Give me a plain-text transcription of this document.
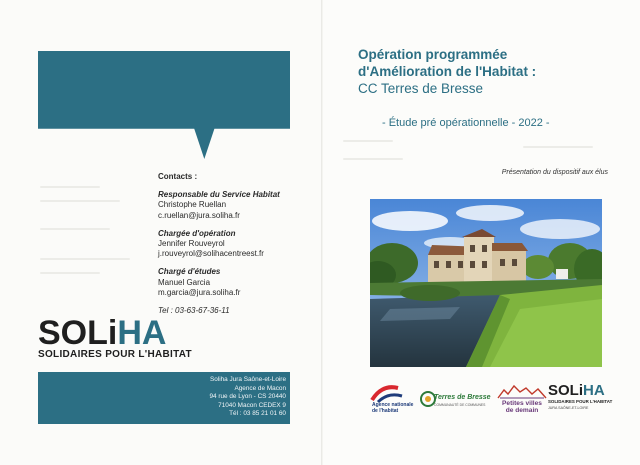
Contacts :
Responsable du Service Habitat
Christophe Ruellan
c.ruellan@jura.soliha.fr
Chargée d'opération
Jennifer Rouveyrol
j.rouveyrol@solihacentreest.fr
Chargé d'études
Manuel Garcia
m.garcia@jura.soliha.fr
Tel : 03-63-67-36-11
SOLiHA
SOLIDAIRES POUR L'HABITAT
Soliha Jura Saône-et-Loire
Agence de Macon
94 rue de Lyon - CS 20440
71040 Macon CEDEX 9
Tél : 03 85 21 01 60
Opération programmée
d'Amélioration de l'Habitat :
CC Terres de Bresse
- Étude pré opérationnelle - 2022 -
Présentation du dispositif aux élus
Agence nationale de l'habitat
Terres de Bresse
COMMUNAUTÉ DE COMMUNES	Petites villes
de demain
SOLiHA
SOLIDAIRES POUR L'HABITAT
JURA SAÔNE-ET-LOIRE
